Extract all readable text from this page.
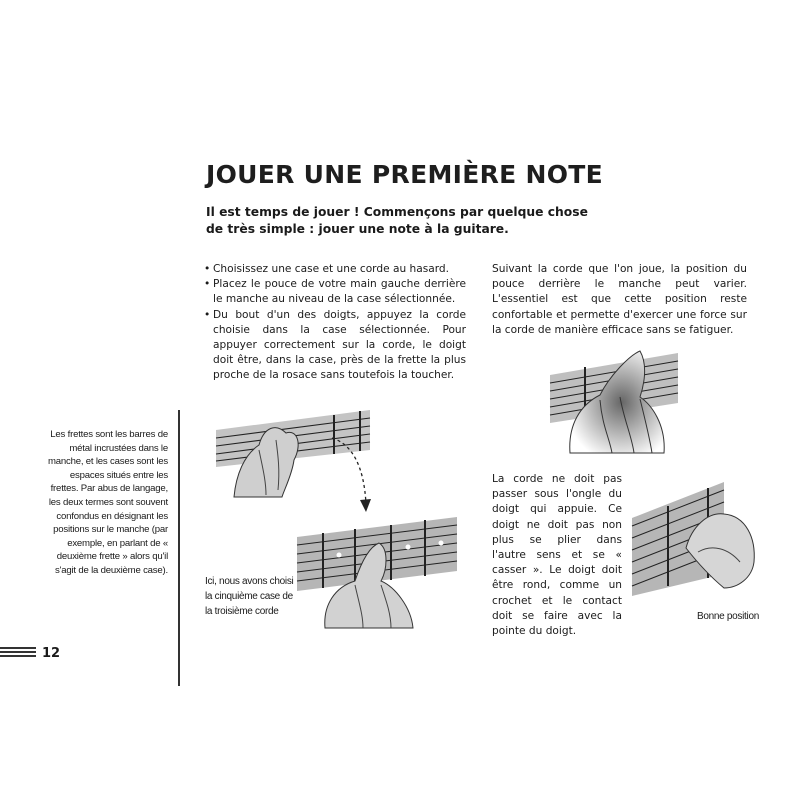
JOUER UNE PREMIÈRE NOTE
Il est temps de jouer ! Commençons par quelque chose de très simple : jouer une note à la guitare.
• Choisissez une case et une corde au hasard.
• Placez le pouce de votre main gauche derrière le manche au niveau de la case sélectionnée.
• Du bout d'un des doigts, appuyez la corde choisie dans la case sélectionnée. Pour appuyer correctement sur la corde, le doigt doit être, dans la case, près de la frette la plus proche de la rosace sans toutefois la toucher.
Suivant la corde que l'on joue, la position du pouce derrière le manche peut varier. L'essentiel est que cette position reste confortable et permette d'exercer une force sur la corde de manière efficace sans se fatiguer.
Ici, nous avons choisi la cinquième case de la troisième corde
La corde ne doit pas passer sous l'ongle du doigt qui appuie. Ce doigt ne doit pas non plus se plier dans l'autre sens et se « casser ». Le doigt doit être rond, comme un crochet et le contact doit se faire avec la pointe du doigt.
Bonne position
Les frettes sont les barres de métal incrustées dans le manche, et les cases sont les espaces situés entre les frettes. Par abus de langage, les deux termes sont souvent confondus en désignant les positions sur le manche (par exemple, en parlant de « deuxième frette » alors qu'il s'agit de la deuxième case).
12
